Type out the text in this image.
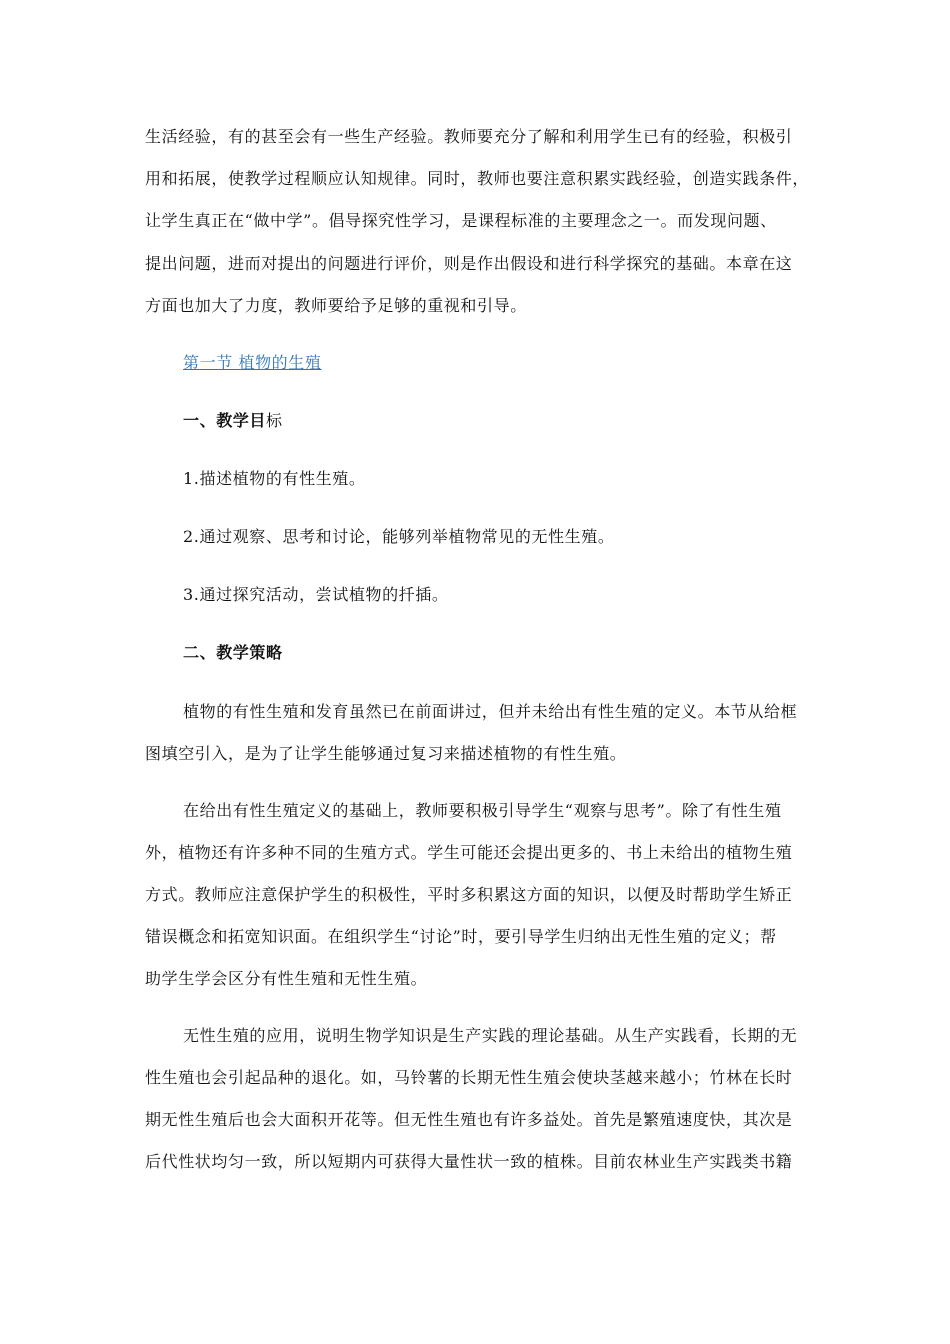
生活经验，有的甚至会有一些生产经验。教师要充分了解和利用学生已有的经验，积极引
用和拓展，使教学过程顺应认知规律。同时，教师也要注意积累实践经验，创造实践条件，
让学生真正在“做中学”。倡导探究性学习，是课程标准的主要理念之一。而发现问题、
提出问题，进而对提出的问题进行评价，则是作出假设和进行科学探究的基础。本章在这
方面也加大了力度，教师要给予足够的重视和引导。
第一节 植物的生殖
一、教学目标
1.描述植物的有性生殖。
2.通过观察、思考和讨论，能够列举植物常见的无性生殖。
3.通过探究活动，尝试植物的扦插。
二、教学策略
植物的有性生殖和发育虽然已在前面讲过，但并未给出有性生殖的定义。本节从给框
图填空引入，是为了让学生能够通过复习来描述植物的有性生殖。
在给出有性生殖定义的基础上，教师要积极引导学生“观察与思考”。除了有性生殖
外，植物还有许多种不同的生殖方式。学生可能还会提出更多的、书上未给出的植物生殖
方式。教师应注意保护学生的积极性，平时多积累这方面的知识，以便及时帮助学生矫正
错误概念和拓宽知识面。在组织学生“讨论”时，要引导学生归纳出无性生殖的定义；帮
助学生学会区分有性生殖和无性生殖。
无性生殖的应用，说明生物学知识是生产实践的理论基础。从生产实践看，长期的无
性生殖也会引起品种的退化。如，马铃薯的长期无性生殖会使块茎越来越小；竹林在长时
期无性生殖后也会大面积开花等。但无性生殖也有许多益处。首先是繁殖速度快，其次是
后代性状均匀一致，所以短期内可获得大量性状一致的植株。目前农林业生产实践类书籍
